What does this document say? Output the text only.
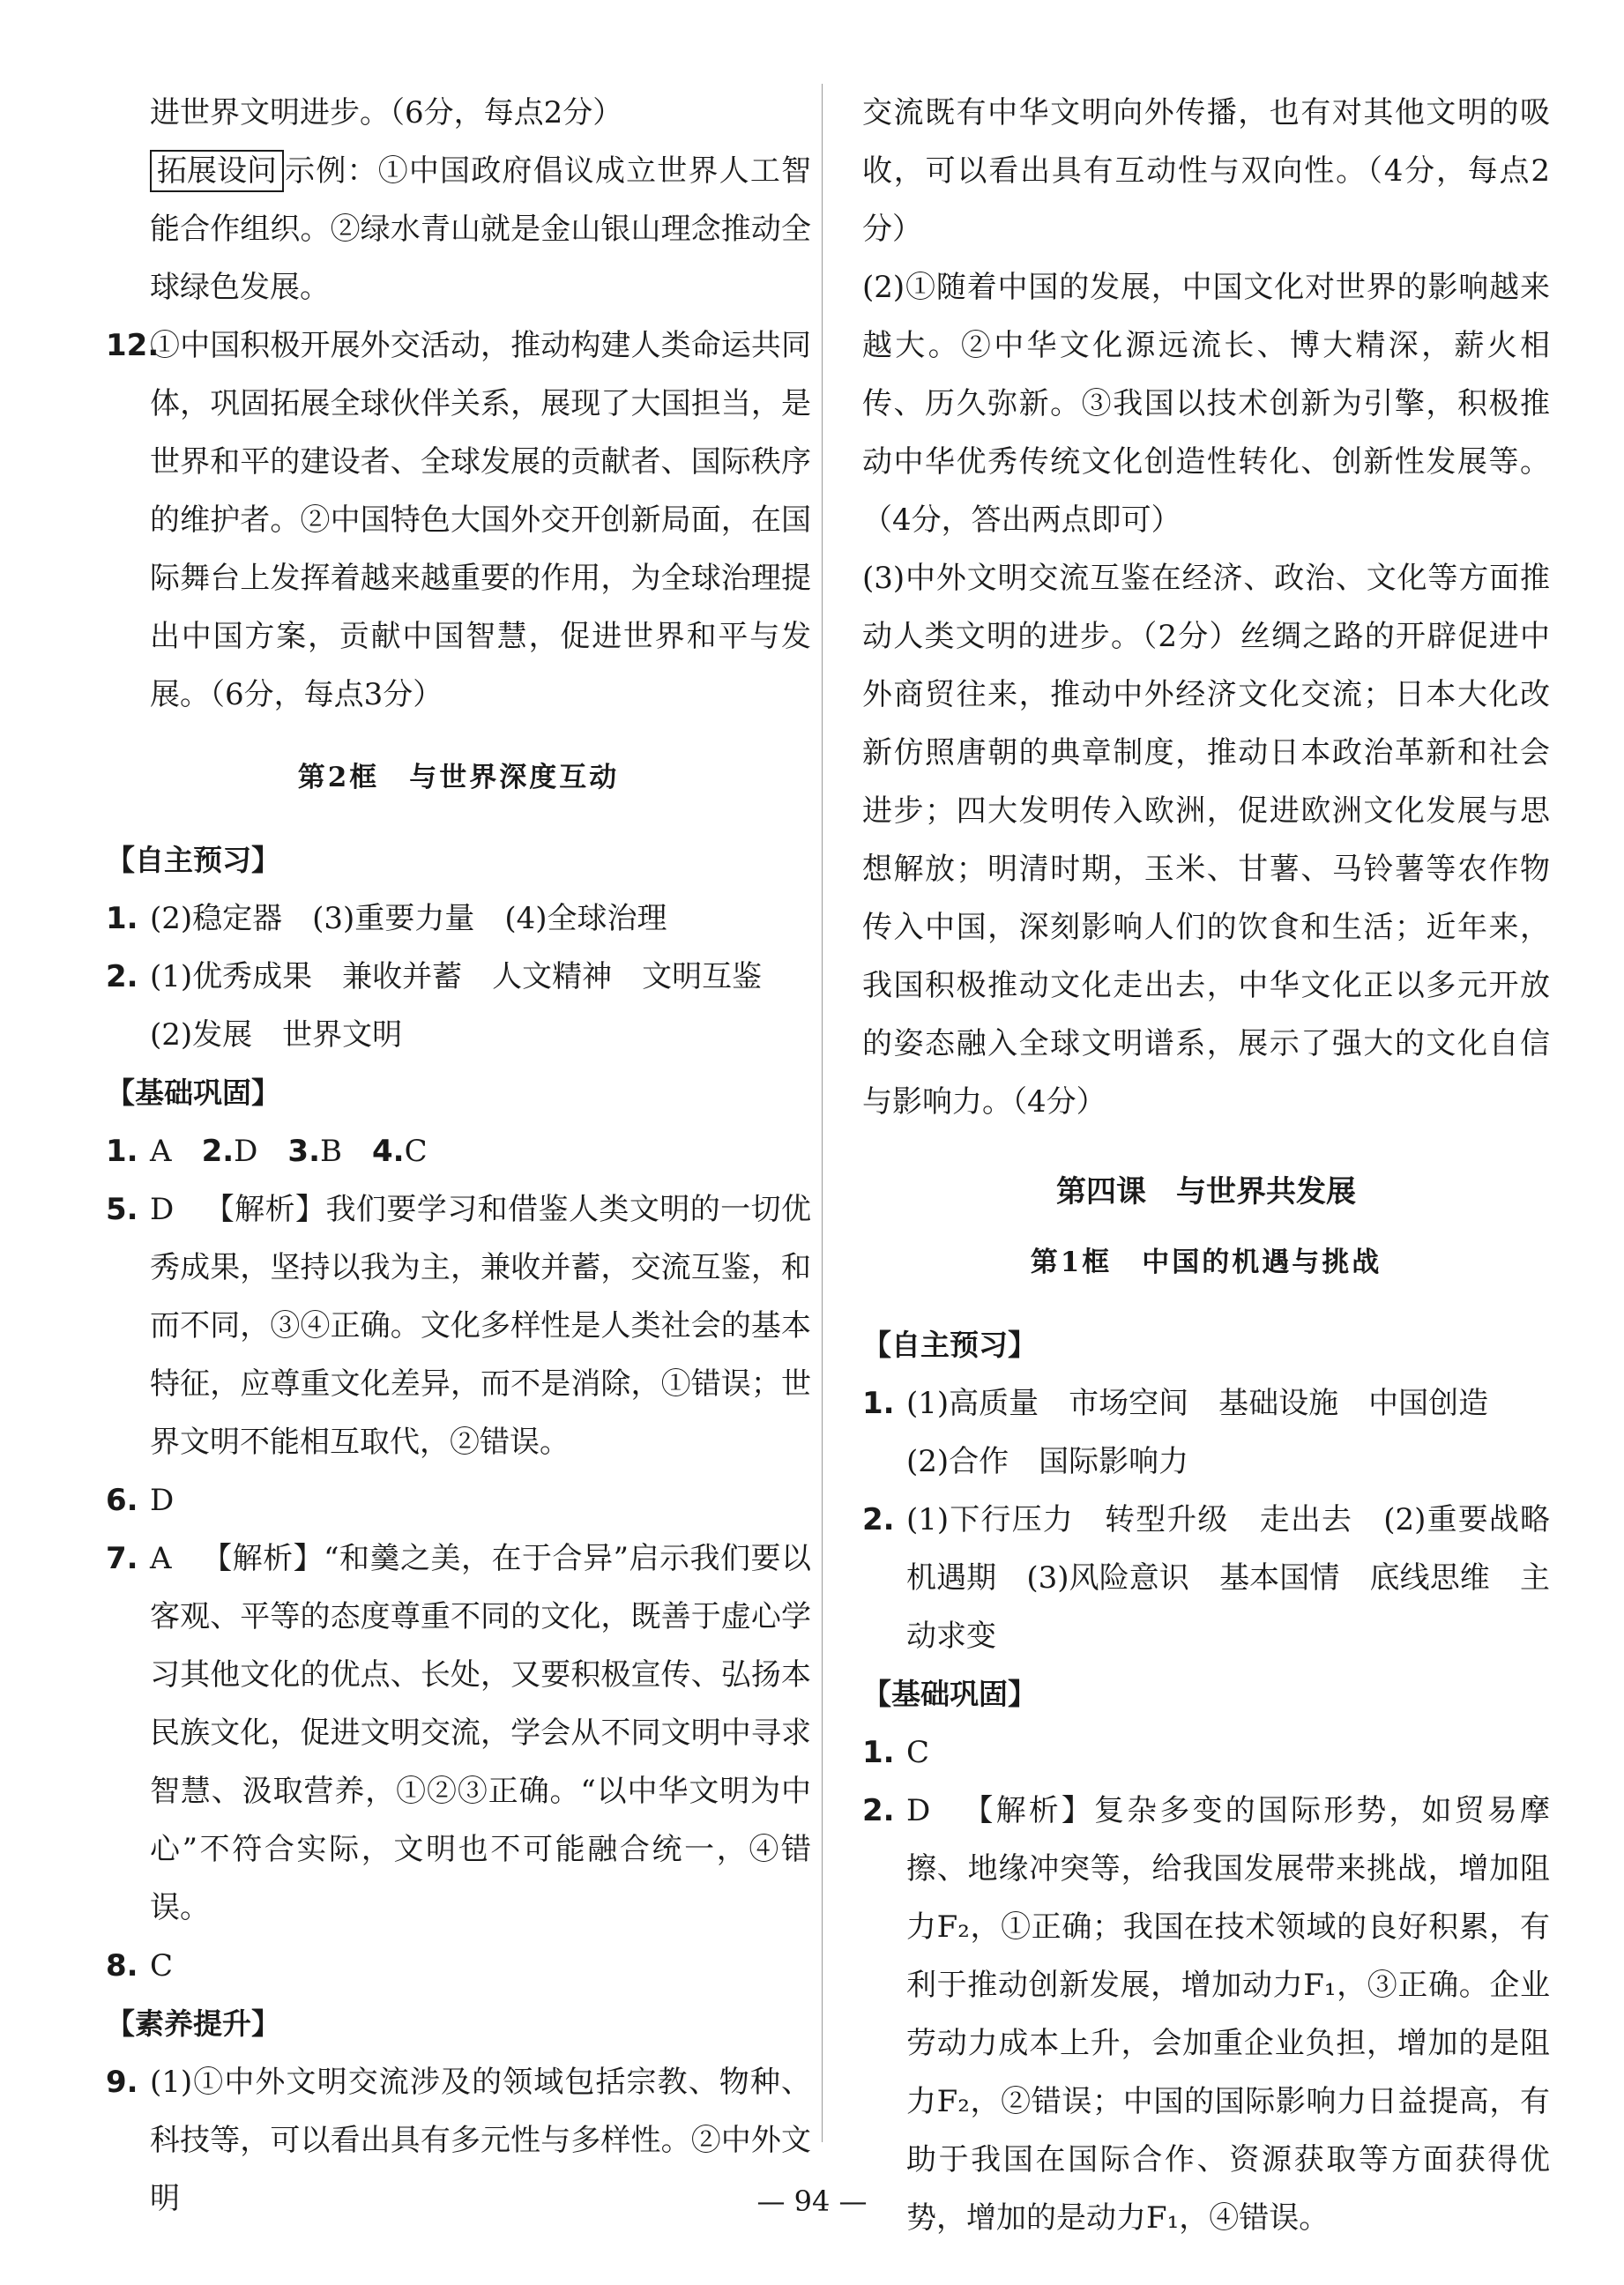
进世界文明进步。（6分，每点2分）

拓展设问 示例：①中国政府倡议成立世界人工智能合作组织。②绿水青山就是金山银山理念推动全球绿色发展。

12.
①中国积极开展外交活动，推动构建人类命运共同体，巩固拓展全球伙伴关系，展现了大国担当，是世界和平的建设者、全球发展的贡献者、国际秩序的维护者。②中国特色大国外交开创新局面，在国际舞台上发挥着越来越重要的作用，为全球治理提出中国方案，贡献中国智慧，促进世界和平与发展。（6分，每点3分）

第2框　与世界深度互动

【自主预习】

1. (2)稳定器　(3)重要力量　(4)全球治理

2. (1)优秀成果　兼收并蓄　人文精神　文明互鉴
(2)发展　世界文明

【基础巩固】

1. A 2.D 3.B 4.C

5. D 【解析】我们要学习和借鉴人类文明的一切优秀成果，坚持以我为主，兼收并蓄，交流互鉴，和而不同，③④正确。文化多样性是人类社会的基本特征，应尊重文化差异，而不是消除，①错误；世界文明不能相互取代，②错误。

6. D

7. A 【解析】“和羹之美，在于合异”启示我们要以客观、平等的态度尊重不同的文化，既善于虚心学习其他文化的优点、长处，又要积极宣传、弘扬本民族文化，促进文明交流，学会从不同文明中寻求智慧、汲取营养，①②③正确。“以中华文明为中心”不符合实际，文明也不可能融合统一，④错误。

8. C

【素养提升】

9. (1)①中外文明交流涉及的领域包括宗教、物种、科技等，可以看出具有多元性与多样性。②中外文明

交流既有中华文明向外传播，也有对其他文明的吸收，可以看出具有互动性与双向性。（4分，每点2分）

(2)①随着中国的发展，中国文化对世界的影响越来越大。②中华文化源远流长、博大精深，薪火相传、历久弥新。③我国以技术创新为引擎，积极推动中华优秀传统文化创造性转化、创新性发展等。（4分，答出两点即可）

(3)中外文明交流互鉴在经济、政治、文化等方面推动人类文明的进步。（2分）丝绸之路的开辟促进中外商贸往来，推动中外经济文化交流；日本大化改新仿照唐朝的典章制度，推动日本政治革新和社会进步；四大发明传入欧洲，促进欧洲文化发展与思想解放；明清时期，玉米、甘薯、马铃薯等农作物传入中国，深刻影响人们的饮食和生活；近年来，我国积极推动文化走出去，中华文化正以多元开放的姿态融入全球文明谱系，展示了强大的文化自信与影响力。（4分）

第四课　与世界共发展
第1框　中国的机遇与挑战

【自主预习】

1. (1)高质量　市场空间　基础设施　中国创造
(2)合作　国际影响力

2. (1)下行压力　转型升级　走出去　(2)重要战略机遇期　(3)风险意识　基本国情　底线思维　主动求变

【基础巩固】

1. C

2. D 【解析】复杂多变的国际形势，如贸易摩擦、地缘冲突等，给我国发展带来挑战，增加阻力F₂，①正确；我国在技术领域的良好积累，有利于推动创新发展，增加动力F₁，③正确。企业劳动力成本上升，会加重企业负担，增加的是阻力F₂，②错误；中国的国际影响力日益提高，有助于我国在国际合作、资源获取等方面获得优势，增加的是动力F₁，④错误。

— 94 —
